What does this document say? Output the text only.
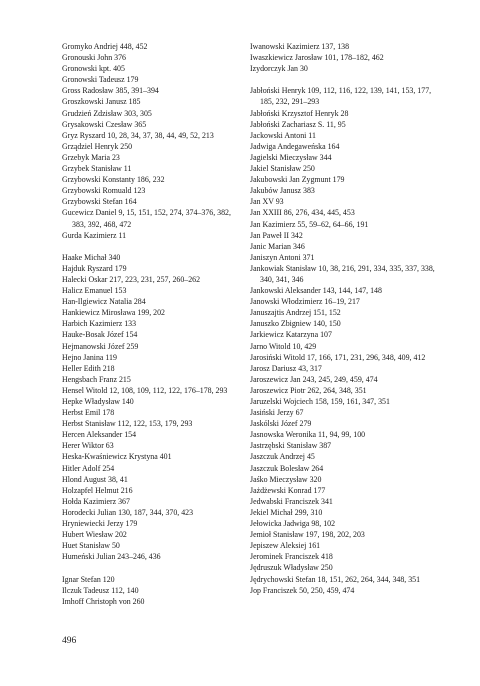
Gromyko Andriej 448, 452
Gronouski John 376
Gronowski kpt. 405
Gronowski Tadeusz 179
Gross Radosław 385, 391–394
Groszkowski Janusz 185
Grudzień Zdzisław 303, 305
Grysakowski Czesław 365
Gryz Ryszard 10, 28, 34, 37, 38, 44, 49, 52, 213
Grządziel Henryk 250
Grzebyk Maria 23
Grzybek Stanisław 11
Grzybowski Konstanty 186, 232
Grzybowski Romuald 123
Grzybowski Stefan 164
Gucewicz Daniel 9, 15, 151, 152, 274, 374–376, 382, 383, 392, 468, 472
Gurda Kazimierz 11
Haake Michał 340
Hajduk Ryszard 179
Halecki Oskar 217, 223, 231, 257, 260–262
Halicz Emanuel 153
Han-Ilgiewicz Natalia 284
Hankiewicz Mirosława 199, 202
Harbich Kazimierz 133
Hauke-Bosak Józef 154
Hejmanowski Józef 259
Hejno Janina 119
Heller Edith 218
Hengsbach Franz 215
Hensel Witold 12, 108, 109, 112, 122, 176–178, 293
Hepke Władysław 140
Herbst Emil 178
Herbst Stanisław 112, 122, 153, 179, 293
Hercen Aleksander 154
Herer Wiktor 63
Heska-Kwaśniewicz Krystyna 401
Hitler Adolf 254
Hlond August 38, 41
Holzapfel Helmut 216
Hołda Kazimierz 367
Horodecki Julian 130, 187, 344, 370, 423
Hryniewiecki Jerzy 179
Hubert Wiesław 202
Huet Stanisław 50
Humeński Julian 243–246, 436
Ignar Stefan 120
Ilczuk Tadeusz 112, 140
Imhoff Christoph von 260
Iwanowski Kazimierz 137, 138
Iwaszkiewicz Jarosław 101, 178–182, 462
Izydorczyk Jan 30
Jabłoński Henryk 109, 112, 116, 122, 139, 141, 153, 177, 185, 232, 291–293
Jabłoński Krzysztof Henryk 28
Jabłoński Zachariasz S. 11, 95
Jackowski Antoni 11
Jadwiga Andegaweńska 164
Jagielski Mieczysław 344
Jakiel Stanisław 250
Jakubowski Jan Zygmunt 179
Jakubów Janusz 383
Jan XV 93
Jan XXIII 86, 276, 434, 445, 453
Jan Kazimierz 55, 59–62, 64–66, 191
Jan Paweł II 342
Janic Marian 346
Janiszyn Antoni 371
Jankowiak Stanisław 10, 38, 216, 291, 334, 335, 337, 338, 340, 341, 346
Jankowski Aleksander 143, 144, 147, 148
Janowski Włodzimierz 16–19, 217
Januszajtis Andrzej 151, 152
Januszko Zbigniew 140, 150
Jarkiewicz Katarzyna 107
Jarno Witold 10, 429
Jarosiński Witold 17, 166, 171, 231, 296, 348, 409, 412
Jarosz Dariusz 43, 317
Jaroszewicz Jan 243, 245, 249, 459, 474
Jaroszewicz Piotr 262, 264, 348, 351
Jaruzelski Wojciech 158, 159, 161, 347, 351
Jasiński Jerzy 67
Jaskólski Józef 279
Jasnowska Weronika 11, 94, 99, 100
Jastrzębski Stanisław 387
Jaszczuk Andrzej 45
Jaszczuk Bolesław 264
Jaśko Mieczysław 320
Jażdżewski Konrad 177
Jedwabski Franciszek 341
Jekiel Michał 299, 310
Jełowicka Jadwiga 98, 102
Jemioł Stanisław 197, 198, 202, 203
Jepiszew Aleksiej 161
Jerominek Franciszek 418
Jędruszuk Władysław 250
Jędrychowski Stefan 18, 151, 262, 264, 344, 348, 351
Jop Franciszek 50, 250, 459, 474
496
